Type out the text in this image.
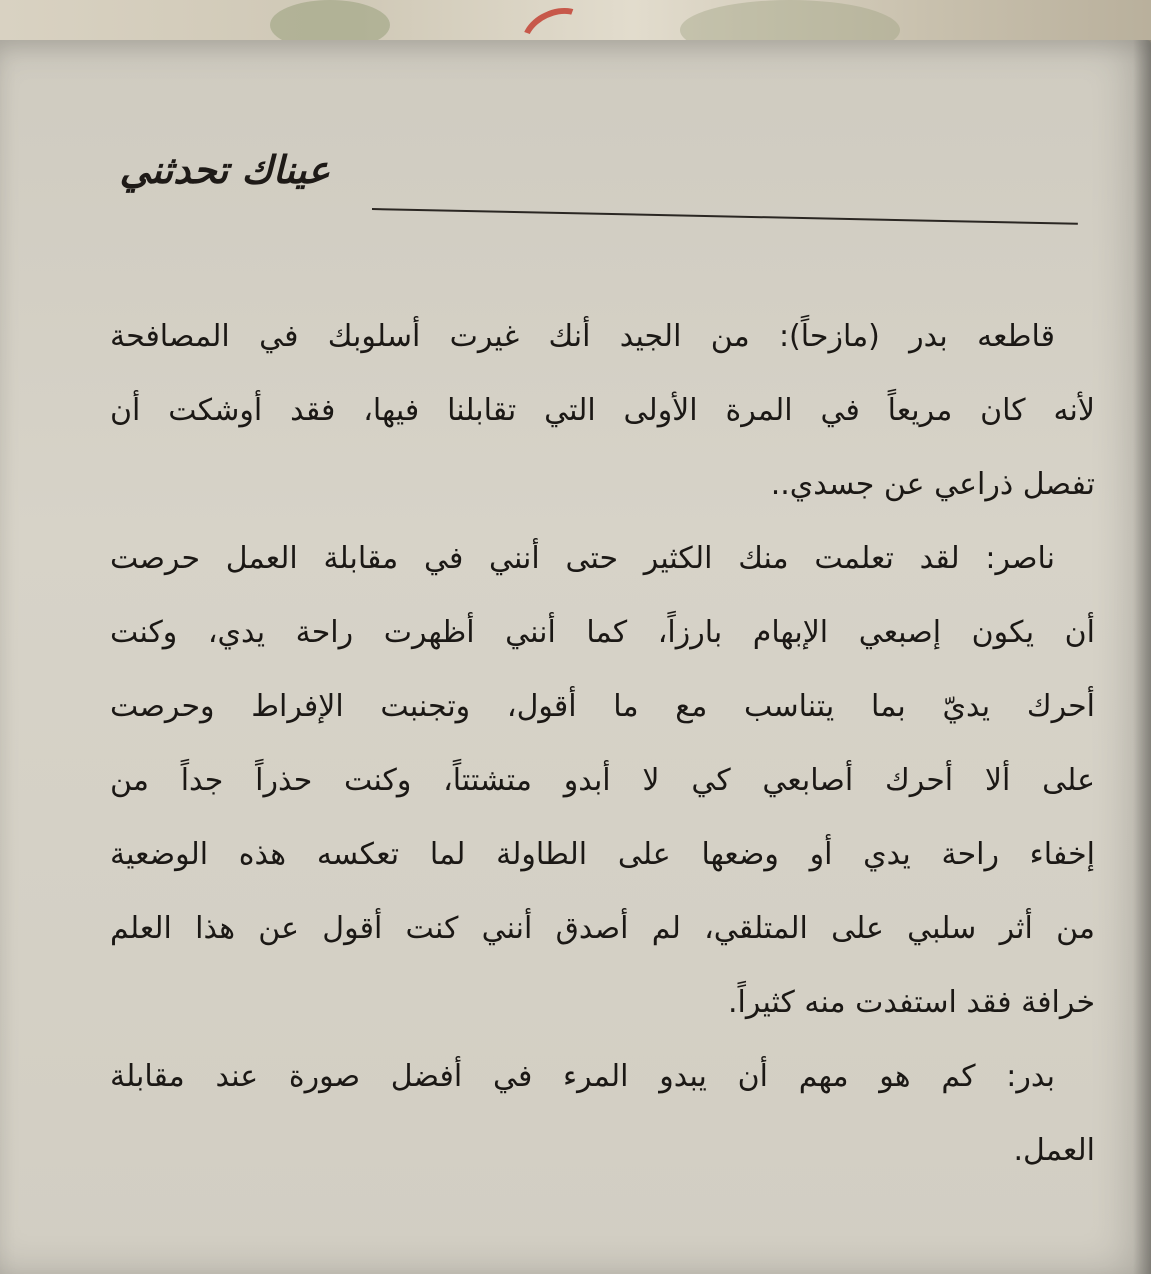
عيناك تحدثني
قاطعه بدر (مازحاً): من الجيد أنك غيرت أسلوبك في المصافحة
لأنه كان مريعاً في المرة الأولى التي تقابلنا فيها، فقد أوشكت أن
تفصل ذراعي عن جسدي..
ناصر: لقد تعلمت منك الكثير حتى أنني في مقابلة العمل حرصت
أن يكون إصبعي الإبهام بارزاً، كما أنني أظهرت راحة يدي، وكنت
أحرك يديّ بما يتناسب مع ما أقول، وتجنبت الإفراط وحرصت
على ألا أحرك أصابعي كي لا أبدو متشتتاً، وكنت حذراً جداً من
إخفاء راحة يدي أو وضعها على الطاولة لما تعكسه هذه الوضعية
من أثر سلبي على المتلقي، لم أصدق أنني كنت أقول عن هذا العلم
خرافة فقد استفدت منه كثيراً.
بدر: كم هو مهم أن يبدو المرء في أفضل صورة عند مقابلة
العمل.
